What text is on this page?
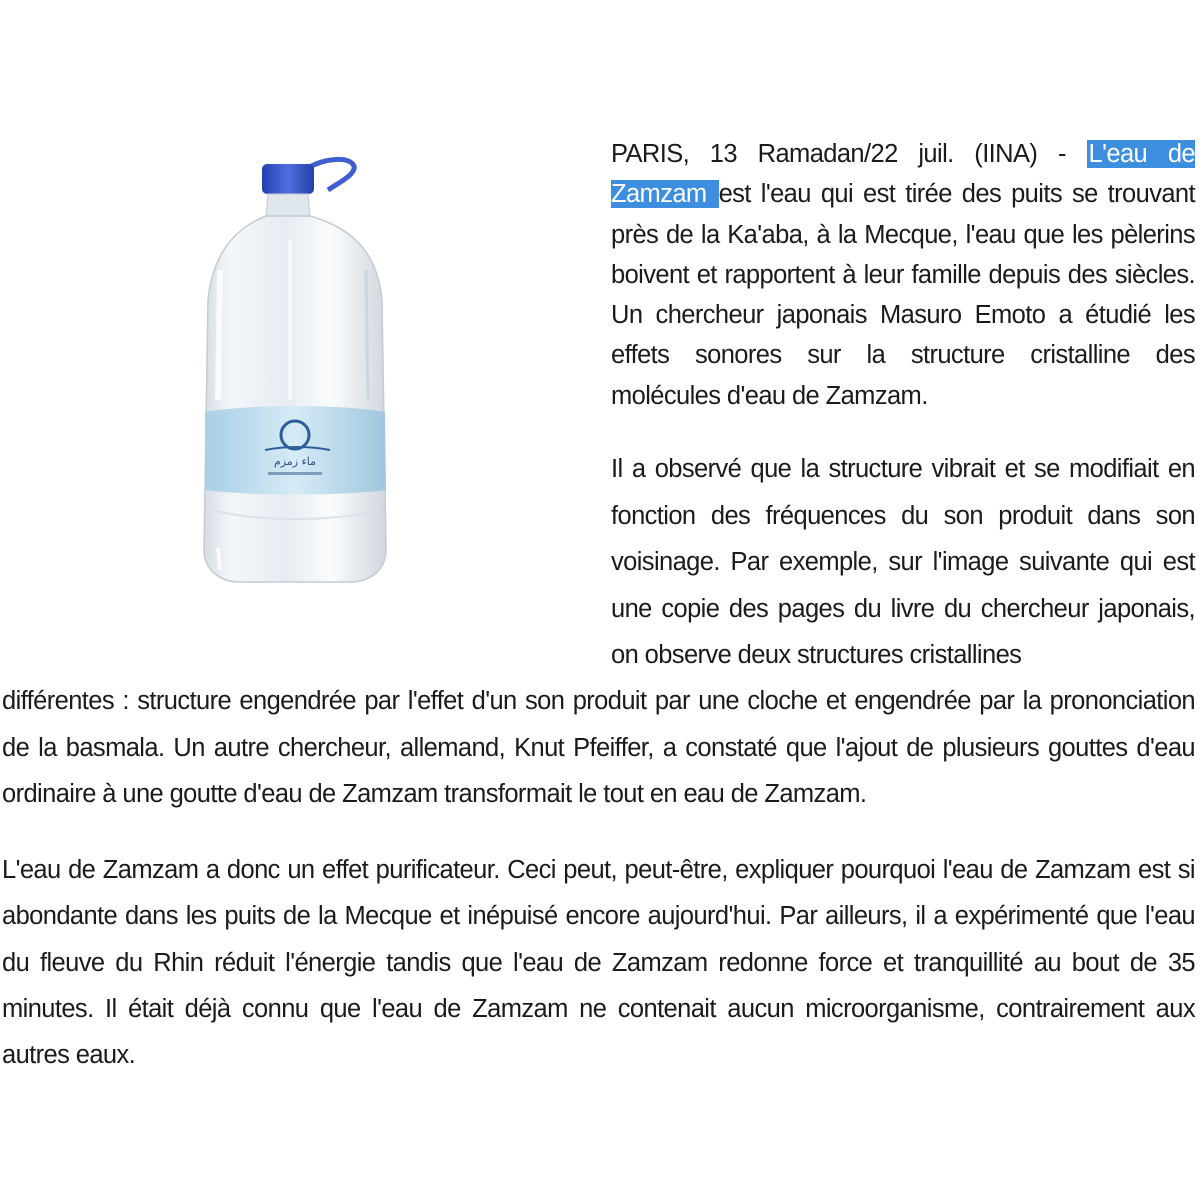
ماء زمزم

PARIS, 13 Ramadan/22 juil. (IINA) - L'eau de Zamzam est l'eau qui est tirée des puits se trouvant près de la Ka'aba, à la Mecque, l'eau que les pèlerins boivent et rapportent à leur famille depuis des siècles. Un chercheur japonais Masuro Emoto a étudié les effets sonores sur la structure cristalline des molécules d'eau de Zamzam.

Il a observé que la structure vibrait et se modifiait en fonction des fréquences du son produit dans son voisinage. Par exemple, sur l'image suivante qui est une copie des pages du livre du chercheur japonais, on observe deux structures cristallines

différentes : structure engendrée par l'effet d'un son produit par une cloche et engendrée par la prononciation de la basmala. Un autre chercheur, allemand, Knut Pfeiffer, a constaté que l'ajout de plusieurs gouttes d'eau ordinaire à une goutte d'eau de Zamzam transformait le tout en eau de Zamzam.

L'eau de Zamzam a donc un effet purificateur. Ceci peut, peut-être, expliquer pourquoi l'eau de Zamzam est si abondante dans les puits de la Mecque et inépuisé encore aujourd'hui. Par ailleurs, il a expérimenté que l'eau du fleuve du Rhin réduit l'énergie tandis que l'eau de Zamzam redonne force et tranquillité au bout de 35 minutes. Il était déjà connu que l'eau de Zamzam ne contenait aucun microorganisme, contrairement aux autres eaux.
